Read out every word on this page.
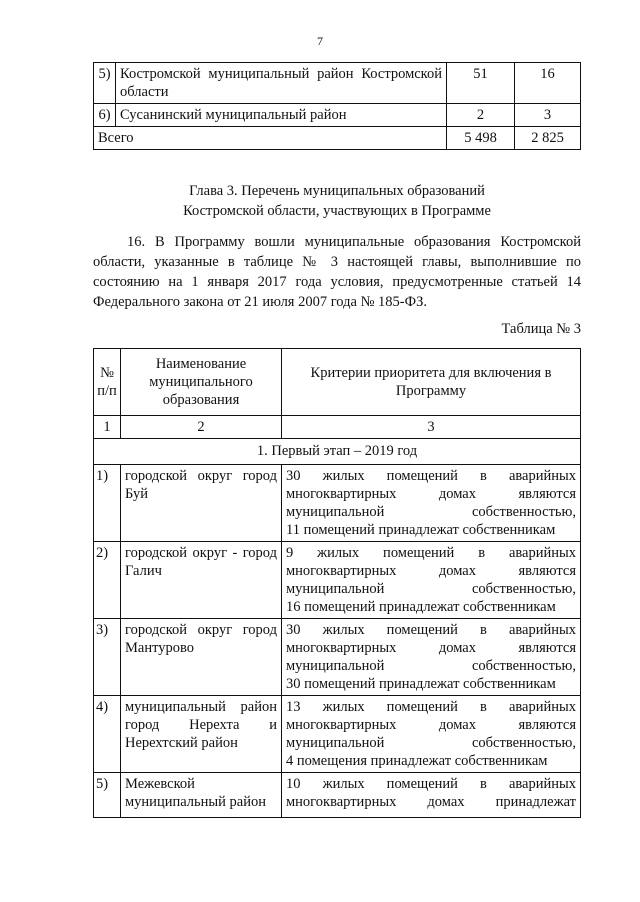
7
5)	Костромской муниципальный район Костромской области	51	16
6)	Сусанинский муниципальный район	2	3
Всего		5 498	2 825
Глава 3. Перечень муниципальных образований
Костромской области, участвующих в Программе
16. В Программу вошли муниципальные образования Костромской области, указанные в таблице № 3 настоящей главы, выполнившие по состоянию на 1 января 2017 года условия, предусмотренные статьей 14 Федерального закона от 21 июля 2007 года № 185-ФЗ.
Таблица № 3
№ п/п	Наименование муниципального образования	Критерии приоритета для включения в Программу
1	2	3
1. Первый этап – 2019 год		
1)	городской округ город Буй	30 жилых помещений в аварийных
многоквартирных домах являются
муниципальной собственностью,
11 помещений принадлежат собственникам

2)	городской округ - город Галич	9 жилых помещений в аварийных
многоквартирных домах являются
муниципальной собственностью,
16 помещений принадлежат собственникам

3)	городской округ город Мантурово	30 жилых помещений в аварийных
многоквартирных домах являются
муниципальной собственностью,
30 помещений принадлежат собственникам

4)	муниципальный район город Нерехта и Нерехтский район	13 жилых помещений в аварийных
многоквартирных домах являются
муниципальной собственностью,
4 помещения принадлежат собственникам

5)	Межевской муниципальный район	10 жилых помещений в аварийных
многоквартирных домах принадлежат
